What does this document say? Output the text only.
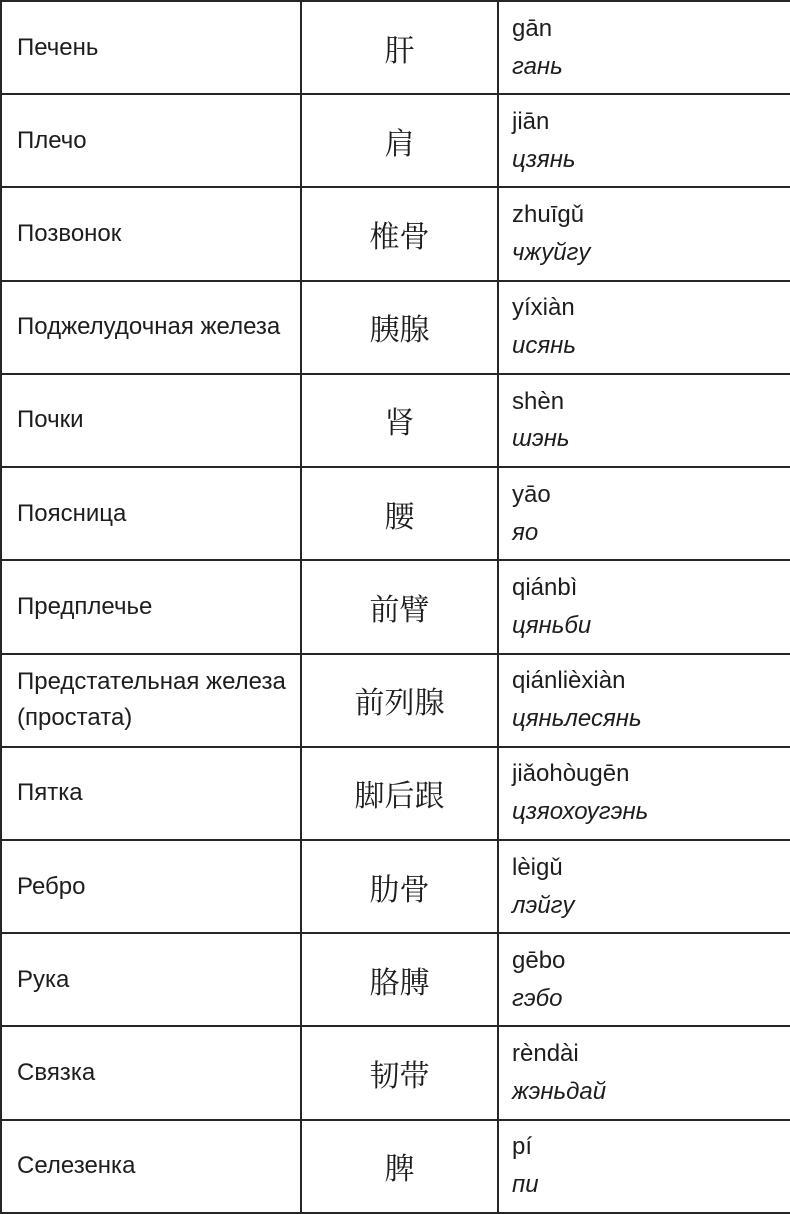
Печень	肝	gān
гань

Плечо	肩	jiān
цзянь

Позвонок	椎骨	zhuīgǔ
чжуйгу

Поджелудочная железа	胰腺	yíxiàn
исянь

Почки	肾	shèn
шэнь

Поясница	腰	yāo
яо

Предплечье	前臂	qiánbì
цяньби

Предстательная железа (простата)	前列腺	qiánlièxiàn
цяньлесянь

Пятка	脚后跟	jiǎohòugēn
цзяохоугэнь

Ребро	肋骨	lèigǔ
лэйгу

Рука	胳膊	gēbo
гэбо

Связка	韧带	rèndài
жэньдай

Селезенка	脾	pí
пи
